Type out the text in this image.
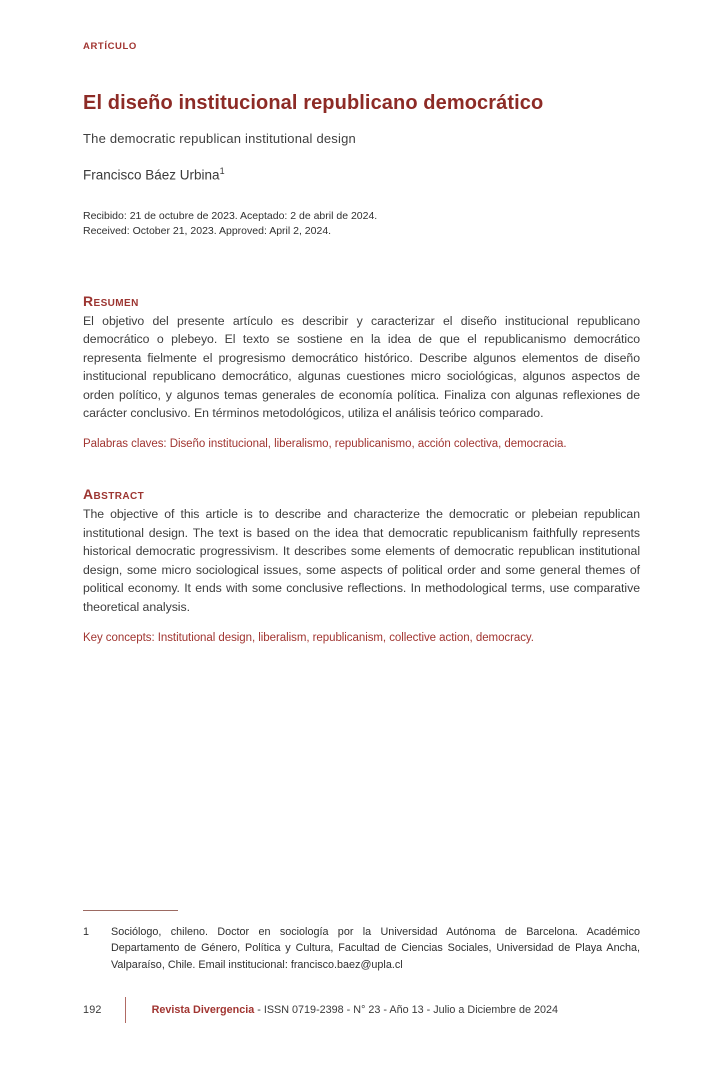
ARTÍCULO
El diseño institucional republicano democrático
The democratic republican institutional design
Francisco Báez Urbina$^1$
Recibido: 21 de octubre de 2023. Aceptado: 2 de abril de 2024.
Received: October 21, 2023. Approved: April 2, 2024.
Resumen

El objetivo del presente artículo es describir y caracterizar el diseño institucional republicano democrático o plebeyo. El texto se sostiene en la idea de que el republicanismo democrático representa fielmente el progresismo democrático histórico. Describe algunos elementos de diseño institucional republicano democrático, algunas cuestiones micro sociológicas, algunos aspectos de orden político, y algunos temas generales de economía política. Finaliza con algunas reflexiones de carácter conclusivo. En términos metodológicos, utiliza el análisis teórico comparado.

Palabras claves: Diseño institucional, liberalismo, republicanismo, acción colectiva, democracia.
Abstract

The objective of this article is to describe and characterize the democratic or plebeian republican institutional design. The text is based on the idea that democratic republicanism faithfully represents historical democratic progressivism. It describes some elements of democratic republican institutional design, some micro sociological issues, some aspects of political order and some general themes of political economy. It ends with some conclusive reflections. In methodological terms, use comparative theoretical analysis.

Key concepts: Institutional design, liberalism, republicanism, collective action, democracy.
1	Sociólogo, chileno. Doctor en sociología por la Universidad Autónoma de Barcelona. Académico Departamento de Género, Política y Cultura, Facultad de Ciencias Sociales, Universidad de Playa Ancha, Valparaíso, Chile. Email institucional: francisco.baez@upla.cl
192	Revista Divergencia - ISSN 0719-2398 - N° 23 - Año 13 - Julio a Diciembre de 2024
